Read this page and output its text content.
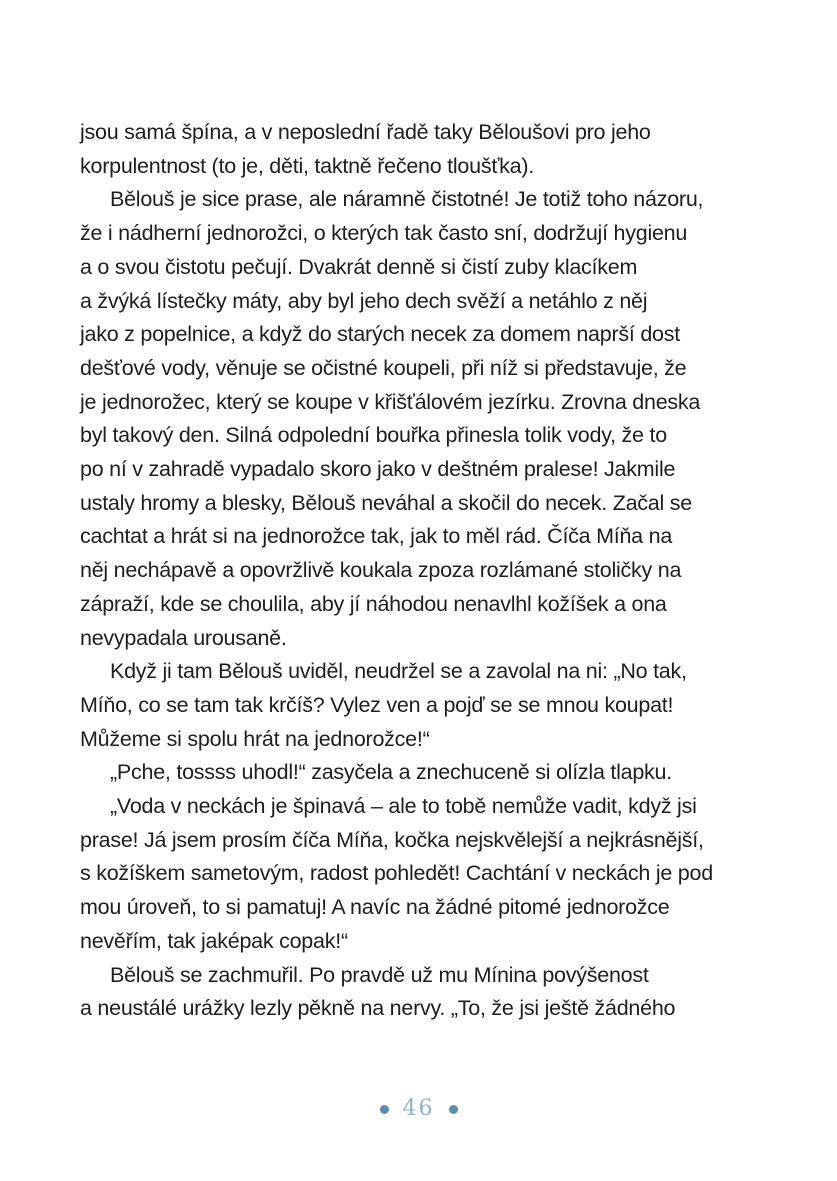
jsou samá špína, a v neposlední řadě taky Běloušovi pro jeho
korpulentnost (to je, děti, taktně řečeno tloušťka).
Bělouš je sice prase, ale náramně čistotné! Je totiž toho názoru,
že i nádherní jednorožci, o kterých tak často sní, dodržují hygienu
a o svou čistotu pečují. Dvakrát denně si čistí zuby klacíkem
a žvýká lístečky máty, aby byl jeho dech svěží a netáhlo z něj
jako z popelnice, a když do starých necek za domem naprší dost
dešťové vody, věnuje se očistné koupeli, při níž si představuje, že
je jednorožec, který se koupe v křišťálovém jezírku. Zrovna dneska
byl takový den. Silná odpolední bouřka přinesla tolik vody, že to
po ní v zahradě vypadalo skoro jako v deštném pralese! Jakmile
ustaly hromy a blesky, Bělouš neváhal a skočil do necek. Začal se
cachtat a hrát si na jednorožce tak, jak to měl rád. Číča Míňa na
něj nechápavě a opovržlivě koukala zpoza rozlámané stoličky na
zápraží, kde se choulila, aby jí náhodou nenavlhl kožíšek a ona
nevypadala urousaně.
Když ji tam Bělouš uviděl, neudržel se a zavolal na ni: „No tak,
Míňo, co se tam tak krčíš? Vylez ven a pojď se se mnou koupat!
Můžeme si spolu hrát na jednorožce!“
„Pche, tossss uhodl!“ zasyčela a znechuceně si olízla tlapku.
„Voda v neckách je špinavá – ale to tobě nemůže vadit, když jsi
prase! Já jsem prosím číča Míňa, kočka nejskvělejší a nejkrásnější,
s kožíškem sametovým, radost pohledět! Cachtání v neckách je pod
mou úroveň, to si pamatuj! A navíc na žádné pitomé jednorožce
nevěřím, tak jaképak copak!“
Bělouš se zachmuřil. Po pravdě už mu Mínina povýšenost
a neustálé urážky lezly pěkně na nervy. „To, že jsi ještě žádného
46
